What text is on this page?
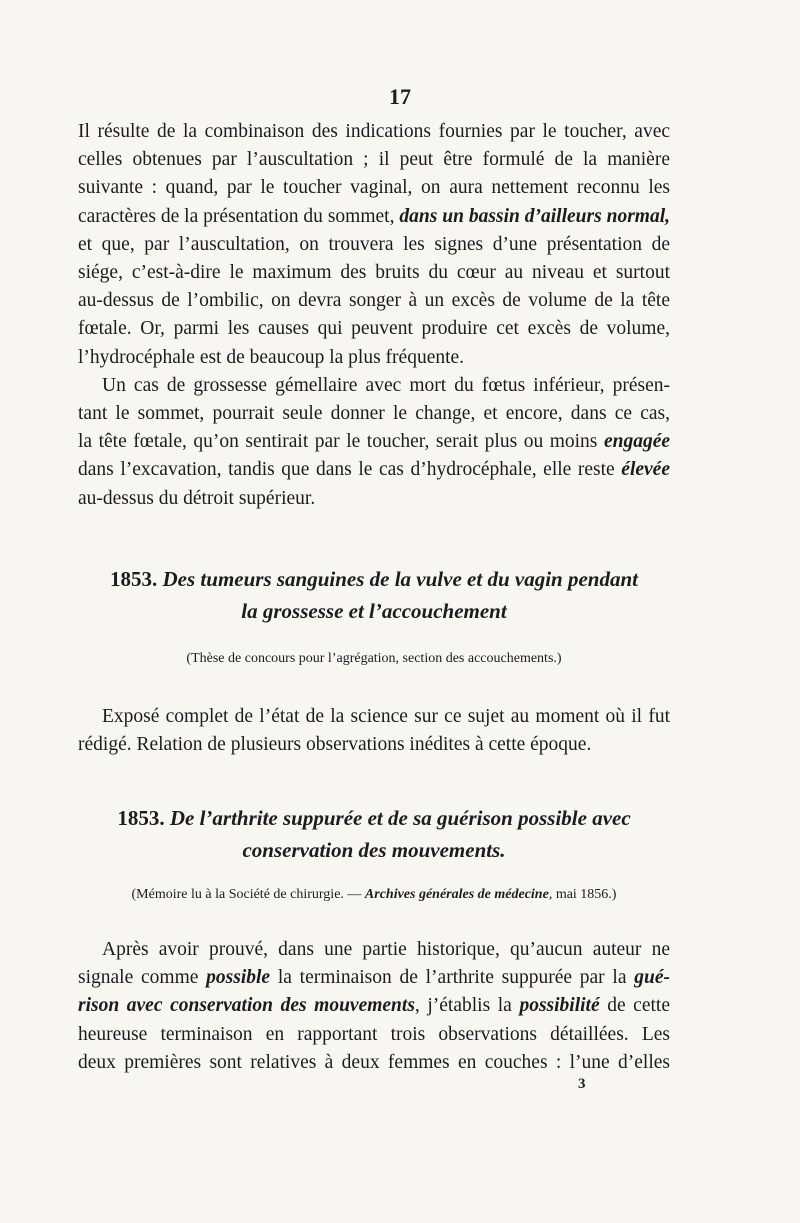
17
Il résulte de la combinaison des indications fournies par le toucher, avec
celles obtenues par l’auscultation ; il peut être formulé de la manière
suivante : quand, par le toucher vaginal, on aura nettement reconnu les
caractères de la présentation du sommet, dans un bassin d’ailleurs normal,
et que, par l’auscultation, on trouvera les signes d’une présentation de
siége, c’est-à-dire le maximum des bruits du cœur au niveau et surtout
au-dessus de l’ombilic, on devra songer à un excès de volume de la tête
fœtale. Or, parmi les causes qui peuvent produire cet excès de volume,
l’hydrocéphale est de beaucoup la plus fréquente.
Un cas de grossesse gémellaire avec mort du fœtus inférieur, présen-
tant le sommet, pourrait seule donner le change, et encore, dans ce cas,
la tête fœtale, qu’on sentirait par le toucher, serait plus ou moins engagée
dans l’excavation, tandis que dans le cas d’hydrocéphale, elle reste élevée
au-dessus du détroit supérieur.
1853. Des tumeurs sanguines de la vulve et du vagin pendant
la grossesse et l’accouchement
(Thèse de concours pour l’agrégation, section des accouchements.)
Exposé complet de l’état de la science sur ce sujet au moment où il fut
rédigé. Relation de plusieurs observations inédites à cette époque.
1853. De l’arthrite suppurée et de sa guérison possible avec
conservation des mouvements.
(Mémoire lu à la Société de chirurgie. — Archives générales de médecine, mai 1856.)
Après avoir prouvé, dans une partie historique, qu’aucun auteur ne
signale comme possible la terminaison de l’arthrite suppurée par la gué-
rison avec conservation des mouvements, j’établis la possibilité de cette
heureuse terminaison en rapportant trois observations détaillées. Les
deux premières sont relatives à deux femmes en couches : l’une d’elles
3
